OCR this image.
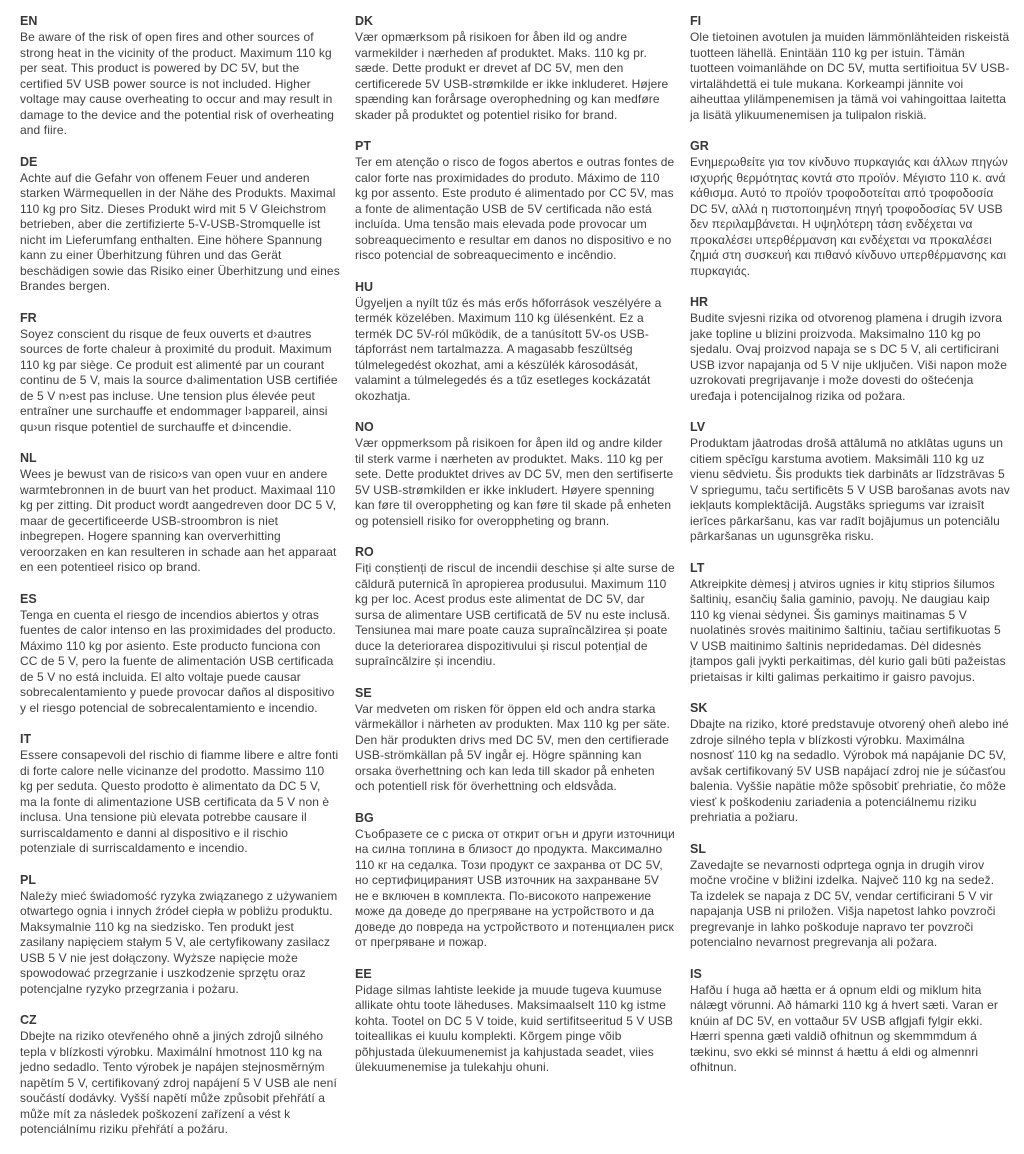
EN

Be aware of the risk of open fires and other sources of strong heat in the vicinity of the product. Maximum 110 kg per seat. This product is powered by DC 5V, but the certified 5V USB power source is not included. Higher voltage may cause overheating to occur and may result in damage to the device and the potential risk of overheating and fiire.

DE

Achte auf die Gefahr von offenem Feuer und anderen starken Wärmequellen in der Nähe des Produkts. Maximal 110 kg pro Sitz. Dieses Produkt wird mit 5 V Gleichstrom betrieben, aber die zertifizierte 5-V-USB-Stromquelle ist nicht im Lieferumfang enthalten. Eine höhere Spannung kann zu einer Überhitzung führen und das Gerät beschädigen sowie das Risiko einer Überhitzung und eines Brandes bergen.

FR

Soyez conscient du risque de feux ouverts et d›autres sources de forte chaleur à proximité du produit. Maximum 110 kg par siège. Ce produit est alimenté par un courant continu de 5 V, mais la source d›alimentation USB certifiée de 5 V n›est pas incluse. Une tension plus élevée peut entraîner une surchauffe et endommager l›appareil, ainsi qu›un risque potentiel de surchauffe et d›incendie.

NL

Wees je bewust van de risico›s van open vuur en andere warmtebronnen in de buurt van het product. Maximaal 110 kg per zitting. Dit product wordt aangedreven door DC 5 V, maar de gecertificeerde USB-stroombron is niet inbegrepen. Hogere spanning kan oververhitting veroorzaken en kan resulteren in schade aan het apparaat en een potentieel risico op brand.

ES

Tenga en cuenta el riesgo de incendios abiertos y otras fuentes de calor intenso en las proximidades del producto. Máximo 110 kg por asiento. Este producto funciona con CC de 5 V, pero la fuente de alimentación USB certificada de 5 V no está incluida. El alto voltaje puede causar sobrecalentamiento y puede provocar daños al dispositivo y el riesgo potencial de sobrecalentamiento e incendio.

IT

Essere consapevoli del rischio di fiamme libere e altre fonti di forte calore nelle vicinanze del prodotto. Massimo 110 kg per seduta. Questo prodotto è alimentato da DC 5 V, ma la fonte di alimentazione USB certificata da 5 V non è inclusa. Una tensione più elevata potrebbe causare il surriscaldamento e danni al dispositivo e il rischio potenziale di surriscaldamento e incendio.

PL

Należy mieć świadomość ryzyka związanego z używaniem otwartego ognia i innych źródeł ciepła w pobliżu produktu. Maksymalnie 110 kg na siedzisko. Ten produkt jest zasilany napięciem stałym 5 V, ale certyfikowany zasilacz USB 5 V nie jest dołączony. Wyższe napięcie może spowodować przegrzanie i uszkodzenie sprzętu oraz potencjalne ryzyko przegrzania i pożaru.

CZ

Dbejte na riziko otevřeného ohně a jiných zdrojů silného tepla v blízkosti výrobku. Maximální hmotnost 110 kg na jedno sedadlo. Tento výrobek je napájen stejnosměrným napětím 5 V, certifikovaný zdroj napájení 5 V USB ale není součástí dodávky. Vyšší napětí může způsobit přehřátí a může mít za následek poškození zařízení a vést k potenciálnímu riziku přehřátí a požáru.

DK

Vær opmærksom på risikoen for åben ild og andre varmekilder i nærheden af produktet. Maks. 110 kg pr. sæde. Dette produkt er drevet af DC 5V, men den certificerede 5V USB-strømkilde er ikke inkluderet. Højere spænding kan forårsage overophedning og kan medføre skader på produktet og potentiel risiko for brand.

PT

Ter em atenção o risco de fogos abertos e outras fontes de calor forte nas proximidades do produto. Máximo de 110 kg por assento. Este produto é alimentado por CC 5V, mas a fonte de alimentação USB de 5V certificada não está incluída. Uma tensão mais elevada pode provocar um sobreaquecimento e resultar em danos no dispositivo e no risco potencial de sobreaquecimento e incêndio.

HU

Ügyeljen a nyílt tűz és más erős hőforrások veszélyére a termék közelében. Maximum 110 kg ülésenként. Ez a termék DC 5V-ról működik, de a tanúsított 5V-os USB-tápforrást nem tartalmazza. A magasabb feszültség túlmelegedést okozhat, ami a készülék károsodását, valamint a túlmelegedés és a tűz esetleges kockázatát okozhatja.

NO

Vær oppmerksom på risikoen for åpen ild og andre kilder til sterk varme i nærheten av produktet. Maks. 110 kg per sete. Dette produktet drives av DC 5V, men den sertifiserte 5V USB-strømkilden er ikke inkludert. Høyere spenning kan føre til overoppheting og kan føre til skade på enheten og potensiell risiko for overoppheting og brann.

RO

Fiți conștienți de riscul de incendii deschise și alte surse de căldură puternică în apropierea produsului. Maximum 110 kg per loc. Acest produs este alimentat de DC 5V, dar sursa de alimentare USB certificată de 5V nu este inclusă. Tensiunea mai mare poate cauza supraîncălzirea și poate duce la deteriorarea dispozitivului și riscul potențial de supraîncălzire și incendiu.

SE

Var medveten om risken för öppen eld och andra starka värmekällor i närheten av produkten. Max 110 kg per säte. Den här produkten drivs med DC 5V, men den certifierade USB-strömkällan på 5V ingår ej. Högre spänning kan orsaka överhettning och kan leda till skador på enheten och potentiell risk för överhettning och eldsvåda.

BG

Съобразете се с риска от открит огън и други източници на силна топлина в близост до продукта. Максимално 110 кг на седалка. Този продукт се захранва от DC 5V, но сертифицираният USB източник на захранване 5V не е включен в комплекта. По-високото напрежение може да доведе до прегряване на устройството и да доведе до повреда на устройството и потенциален риск от прегряване и пожар.

EE

Pidage silmas lahtiste leekide ja muude tugeva kuumuse allikate ohtu toote läheduses. Maksimaalselt 110 kg istme kohta. Tootel on DC 5 V toide, kuid sertifitseeritud 5 V USB toiteallikas ei kuulu komplekti. Kõrgem pinge võib põhjustada ülekuumenemist ja kahjustada seadet, viies ülekuumenemise ja tulekahju ohuni.

FI

Ole tietoinen avotulen ja muiden lämmönlähteiden riskeistä tuotteen lähellä. Enintään 110 kg per istuin. Tämän tuotteen voimanlähde on DC 5V, mutta sertifioitua 5V USB-virtalähdettä ei tule mukana. Korkeampi jännite voi aiheuttaa ylilämpenemisen ja tämä voi vahingoittaa laitetta ja lisätä ylikuumenemisen ja tulipalon riskiä.

GR

Ενημερωθείτε για τον κίνδυνο πυρκαγιάς και άλλων πηγών ισχυρής θερμότητας κοντά στο προϊόν. Μέγιστο 110 κ. ανά κάθισμα. Αυτό το προϊόν τροφοδοτείται από τροφοδοσία DC 5V, αλλά η πιστοποιημένη πηγή τροφοδοσίας 5V USB δεν περιλαμβάνεται. Η υψηλότερη τάση ενδέχεται να προκαλέσει υπερθέρμανση και ενδέχεται να προκαλέσει ζημιά στη συσκευή και πιθανό κίνδυνο υπερθέρμανσης και πυρκαγιάς.

HR

Budite svjesni rizika od otvorenog plamena i drugih izvora jake topline u blizini proizvoda. Maksimalno 110 kg po sjedalu. Ovaj proizvod napaja se s DC 5 V, ali certificirani USB izvor napajanja od 5 V nije uključen. Viši napon može uzrokovati pregrijavanje i može dovesti do oštećenja uređaja i potencijalnog rizika od požara.

LV

Produktam jāatrodas drošā attālumā no atklātas uguns un citiem spēcīgu karstuma avotiem. Maksimāli 110 kg uz vienu sēdvietu. Šis produkts tiek darbināts ar līdzstrāvas 5 V spriegumu, taču sertificēts 5 V USB barošanas avots nav iekļauts komplektācijā. Augstāks spriegums var izraisīt ierīces pārkaršanu, kas var radīt bojājumus un potenciālu pārkaršanas un ugunsgrēka risku.

LT

Atkreipkite dėmesį į atviros ugnies ir kitų stiprios šilumos šaltinių, esančių šalia gaminio, pavojų. Ne daugiau kaip 110 kg vienai sėdynei. Šis gaminys maitinamas 5 V nuolatinės srovės maitinimo šaltiniu, tačiau sertifikuotas 5 V USB maitinimo šaltinis nepridedamas. Dėl didesnės įtampos gali įvykti perkaitimas, dėl kurio gali būti pažeistas prietaisas ir kilti galimas perkaitimo ir gaisro pavojus.

SK

Dbajte na riziko, ktoré predstavuje otvorený oheň alebo iné zdroje silného tepla v blízkosti výrobku. Maximálna nosnosť 110 kg na sedadlo. Výrobok má napájanie DC 5V, avšak certifikovaný 5V USB napájací zdroj nie je súčasťou balenia. Vyššie napätie môže spôsobiť prehriatie, čo môže viesť k poškodeniu zariadenia a potenciálnemu riziku prehriatia a požiaru.

SL

Zavedajte se nevarnosti odprtega ognja in drugih virov močne vročine v bližini izdelka. Največ 110 kg na sedež. Ta izdelek se napaja z DC 5V, vendar certificirani 5 V vir napajanja USB ni priložen. Višja napetost lahko povzroči pregrevanje in lahko poškoduje napravo ter povzroči potencialno nevarnost pregrevanja ali požara.

IS

Hafðu í huga að hætta er á opnum eldi og miklum hita nálægt vörunni. Að hámarki 110 kg á hvert sæti. Varan er knúin af DC 5V, en vottaður 5V USB aflgjafi fylgir ekki. Hærri spenna gæti valdið ofhitnun og skemmmdum á tækinu, svo ekki sé minnst á hættu á eldi og almennri ofhitnun.
